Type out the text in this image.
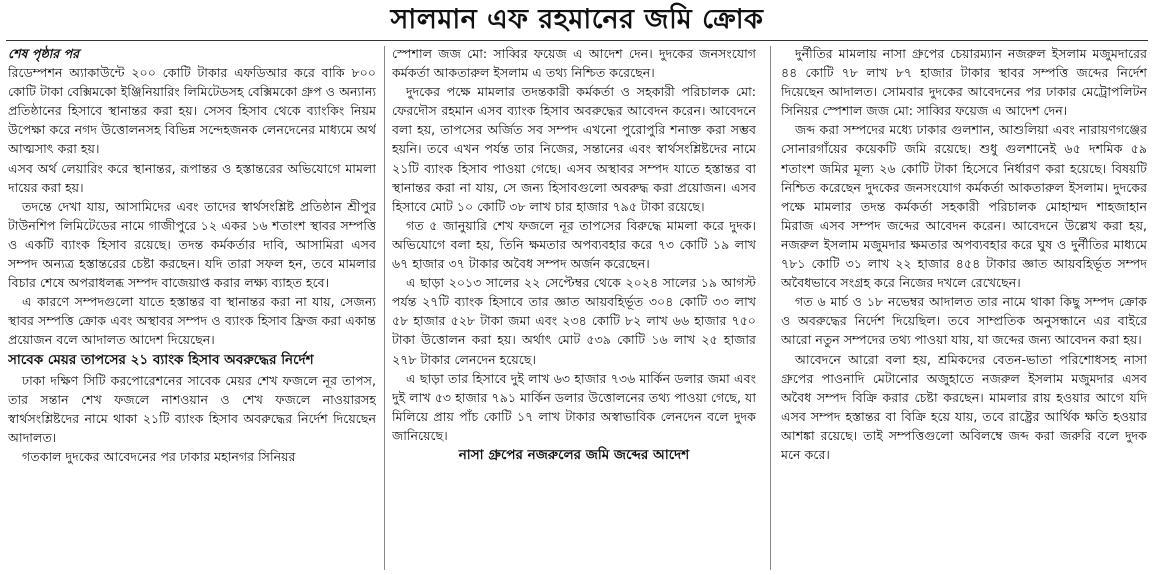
সালমান এফ রহমানের জমি ক্রোক

শেষ পৃষ্ঠার পর

রিডেম্পশন অ্যাকাউন্টে ২০০ কোটি টাকার এফডিআর করে বাকি ৮০০ কোটি টাকা বেক্সিমকো ইঞ্জিনিয়ারিং লিমিটেডসহ বেক্সিমকো গ্রুপ ও অন্যান্য প্রতিষ্ঠানের হিসাবে স্থানান্তর করা হয়। সেসব হিসাব থেকে ব্যাংকিং নিয়ম উপেক্ষা করে নগদ উত্তোলনসহ বিভিন্ন সন্দেহজনক লেনদেনের মাধ্যমে অর্থ আত্মসাৎ করা হয়।

এসব অর্থ লেয়ারিং করে স্থানান্তর, রূপান্তর ও হস্তান্তরের অভিযোগে মামলা দায়ের করা হয়।

তদন্তে দেখা যায়, আসামিদের এবং তাদের স্বার্থসংশ্লিষ্ট প্রতিষ্ঠান শ্রীপুর টাউনশিপ লিমিটেডের নামে গাজীপুরে ১২ একর ১৬ শতাংশ স্থাবর সম্পত্তি ও একটি ব্যাংক হিসাব রয়েছে। তদন্ত কর্মকর্তার দাবি, আসামিরা এসব সম্পদ অন্যত্র হস্তান্তরের চেষ্টা করছেন। যদি তারা সফল হন, তবে মামলার বিচার শেষে অপরাধলব্ধ সম্পদ বাজেয়াপ্ত করার লক্ষ্য ব্যাহত হবে।

এ কারণে সম্পদগুলো যাতে হস্তান্তর বা স্থানান্তর করা না যায়, সেজন্য স্থাবর সম্পত্তি ক্রোক এবং অস্থাবর সম্পদ ও ব্যাংক হিসাব ফ্রিজ করা একান্ত প্রয়োজন বলে আদালত আদেশ দিয়েছেন।

সাবেক মেয়র তাপসের ২১ ব্যাংক হিসাব অবরুদ্ধের নির্দেশ

ঢাকা দক্ষিণ সিটি করপোরেশনের সাবেক মেয়র শেখ ফজলে নূর তাপস, তার সন্তান শেখ ফজলে নাশওয়ান ও শেখ ফজলে নাওয়ারসহ স্বার্থসংশ্লিষ্টদের নামে থাকা ২১টি ব্যাংক হিসাব অবরুদ্ধের নির্দেশ দিয়েছেন আদালত।

গতকাল দুদকের আবেদনের পর ঢাকার মহানগর সিনিয়র

স্পেশাল জজ মো: সাব্বির ফয়েজ এ আদেশ দেন। দুদকের জনসংযোগ কর্মকর্তা আকতারুল ইসলাম এ তথ্য নিশ্চিত করেছেন।

দুদকের পক্ষে মামলার তদন্তকারী কর্মকর্তা ও সহকারী পরিচালক মো: ফেরদৌস রহমান এসব ব্যাংক হিসাব অবরুদ্ধের আবেদন করেন। আবেদনে বলা হয়, তাপসের অর্জিত সব সম্পদ এখনো পুরোপুরি শনাক্ত করা সম্ভব হয়নি। তবে এখন পর্যন্ত তার নিজের, সন্তানের এবং স্বার্থসংশ্লিষ্টদের নামে ২১টি ব্যাংক হিসাব পাওয়া গেছে। এসব অস্থাবর সম্পদ যাতে হস্তান্তর বা স্থানান্তর করা না যায়, সে জন্য হিসাবগুলো অবরুদ্ধ করা প্রয়োজন। এসব হিসাবে মোট ১০ কোটি ৩৮ লাখ চার হাজার ৭৯৫ টাকা রয়েছে।

গত ৫ জানুয়ারি শেখ ফজলে নূর তাপসের বিরুদ্ধে মামলা করে দুদক। অভিযোগে বলা হয়, তিনি ক্ষমতার অপব্যবহার করে ৭৩ কোটি ১৯ লাখ ৬৭ হাজার ৩৭ টাকার অবৈধ সম্পদ অর্জন করেছেন।

এ ছাড়া ২০১৩ সালের ২২ সেপ্টেম্বর থেকে ২০২৪ সালের ১৯ আগস্ট পর্যন্ত ২৭টি ব্যাংক হিসাবে তার জ্ঞাত আয়বহির্ভূত ৩০৪ কোটি ৩৩ লাখ ৫৮ হাজার ৫২৮ টাকা জমা এবং ২৩৪ কোটি ৮২ লাখ ৬৬ হাজার ৭৫০ টাকা উত্তোলন করা হয়। অর্থাৎ মোট ৫৩৯ কোটি ১৬ লাখ ২৫ হাজার ২৭৮ টাকার লেনদেন হয়েছে।

এ ছাড়া তার হিসাবে দুই লাখ ৬৩ হাজার ৭৩৬ মার্কিন ডলার জমা এবং দুই লাখ ৫৩ হাজার ৭৯১ মার্কিন ডলার উত্তোলনের তথ্য পাওয়া গেছে, যা মিলিয়ে প্রায় পাঁচ কোটি ১৭ লাখ টাকার অস্বাভাবিক লেনদেন বলে দুদক জানিয়েছে।

নাসা গ্রুপের নজরুলের জমি জব্দের আদেশ

দুর্নীতির মামলায় নাসা গ্রুপের চেয়ারম্যান নজরুল ইসলাম মজুমদারের ৪৪ কোটি ৭৮ লাখ ৮৭ হাজার টাকার স্থাবর সম্পত্তি জব্দের নির্দেশ দিয়েছেন আদালত। সোমবার দুদকের আবেদনের পর ঢাকার মেট্রোপলিটন সিনিয়র স্পেশাল জজ মো: সাব্বির ফয়েজ এ আদেশ দেন।

জব্দ করা সম্পদের মধ্যে ঢাকার গুলশান, আশুলিয়া এবং নারায়ণগঞ্জের সোনারগাঁয়ের কয়েকটি জমি রয়েছে। শুধু গুলশানেই ৬৫ দশমিক ৫৯ শতাংশ জমির মূল্য ২৬ কোটি টাকা হিসেবে নির্ধারণ করা হয়েছে। বিষয়টি নিশ্চিত করেছেন দুদকের জনসংযোগ কর্মকর্তা আকতারুল ইসলাম। দুদকের পক্ষে মামলার তদন্ত কর্মকর্তা সহকারী পরিচালক মোহাম্মদ শাহজাহান মিরাজ এসব সম্পদ জব্দের আবেদন করেন। আবেদনে উল্লেখ করা হয়, নজরুল ইসলাম মজুমদার ক্ষমতার অপব্যবহার করে ঘুষ ও দুর্নীতির মাধ্যমে ৭৮১ কোটি ৩১ লাখ ২২ হাজার ৪৫৪ টাকার জ্ঞাত আয়বহির্ভূত সম্পদ অবৈধভাবে সংগ্রহ করে নিজের দখলে রেখেছেন।

গত ৬ মার্চ ও ১৮ নভেম্বর আদালত তার নামে থাকা কিছু সম্পদ ক্রোক ও অবরুদ্ধের নির্দেশ দিয়েছিল। তবে সাম্প্রতিক অনুসন্ধানে এর বাইরে আরো নতুন সম্পদের তথ্য পাওয়া যায়, যা জব্দের জন্য আবেদন করা হয়।

আবেদনে আরো বলা হয়, শ্রমিকদের বেতন-ভাতা পরিশোধসহ নাসা গ্রুপের পাওনাদি মেটানোর অজুহাতে নজরুল ইসলাম মজুমদার এসব অবৈধ সম্পদ বিক্রি করার চেষ্টা করছেন। মামলার রায় হওয়ার আগে যদি এসব সম্পদ হস্তান্তর বা বিক্রি হয়ে যায়, তবে রাষ্ট্রের আর্থিক ক্ষতি হওয়ার আশঙ্কা রয়েছে। তাই সম্পত্তিগুলো অবিলম্বে জব্দ করা জরুরি বলে দুদক মনে করে।
